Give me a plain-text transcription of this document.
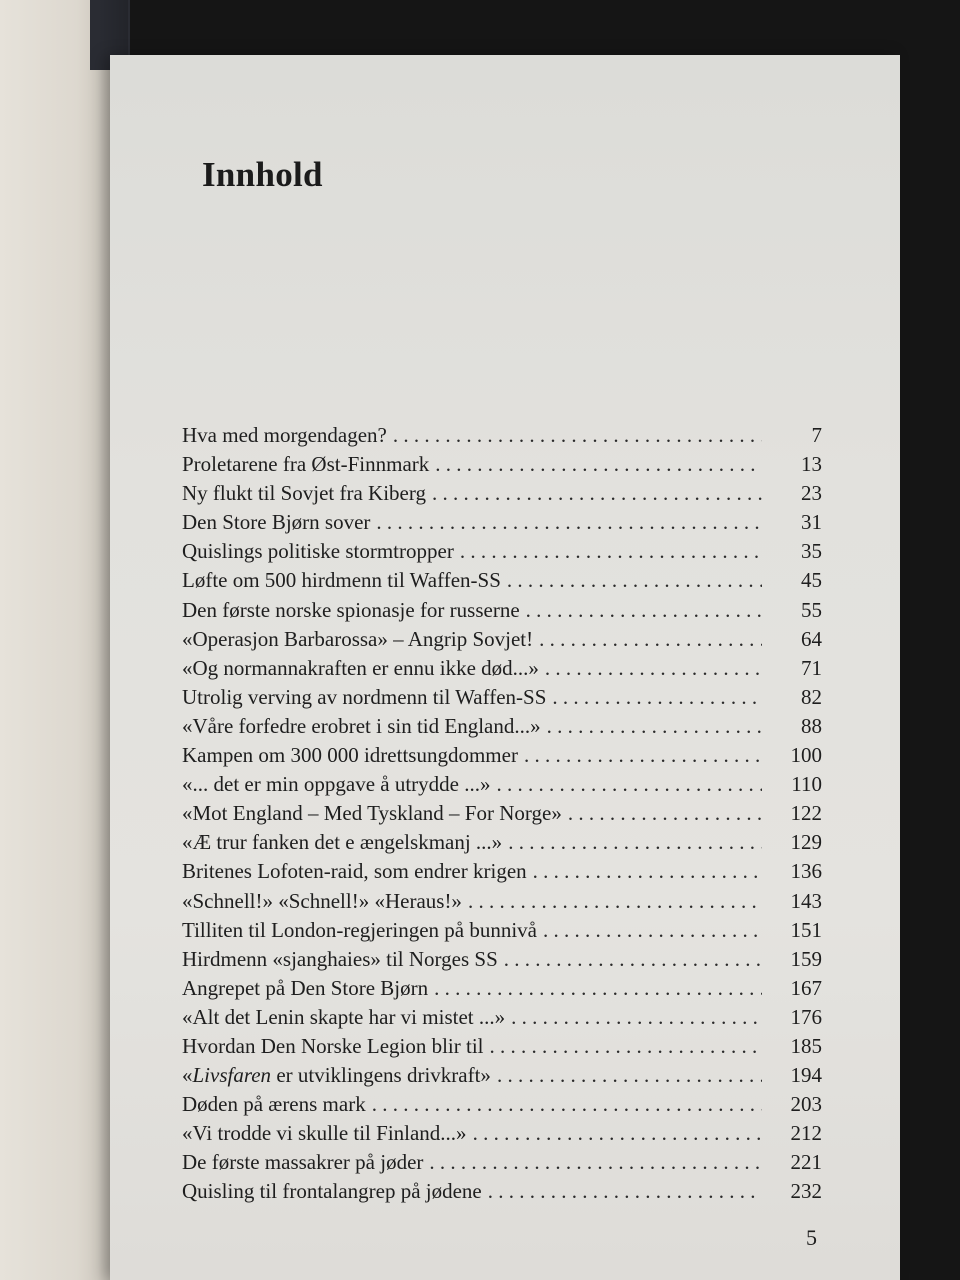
Innhold
Hva med morgendagen? . . .	7
Proletarene fra Øst-Finnmark . . .	13
Ny flukt til Sovjet fra Kiberg . . .	23
Den Store Bjørn sover . . .	31
Quislings politiske stormtropper . . .	35
Løfte om 500 hirdmenn til Waffen-SS . . .	45
Den første norske spionasje for russerne . . .	55
«Operasjon Barbarossa» – Angrip Sovjet! . . .	64
«Og normannakraften er ennu ikke død...» . . .	71
Utrolig verving av nordmenn til Waffen-SS . . .	82
«Våre forfedre erobret i sin tid England...» . . .	88
Kampen om 300 000 idrettsungdommer . . .	100
«... det er min oppgave å utrydde ...» . . .	110
«Mot England – Med Tyskland – For Norge» . . .	122
«Æ trur fanken det e ængelskmanj ...» . . .	129
Britenes Lofoten-raid, som endrer krigen . . .	136
«Schnell!» «Schnell!» «Heraus!» . . .	143
Tilliten til London-regjeringen på bunnivå . . .	151
Hirdmenn «sjanghaies» til Norges SS . . .	159
Angrepet på Den Store Bjørn . . .	167
«Alt det Lenin skapte har vi mistet ...» . . .	176
Hvordan Den Norske Legion blir til . . .	185
«Livsfaren er utviklingens drivkraft» . . .	194
Døden på ærens mark . . .	203
«Vi trodde vi skulle til Finland...» . . .	212
De første massakrer på jøder . . .	221
Quisling til frontalangrep på jødene . . .	232
5
